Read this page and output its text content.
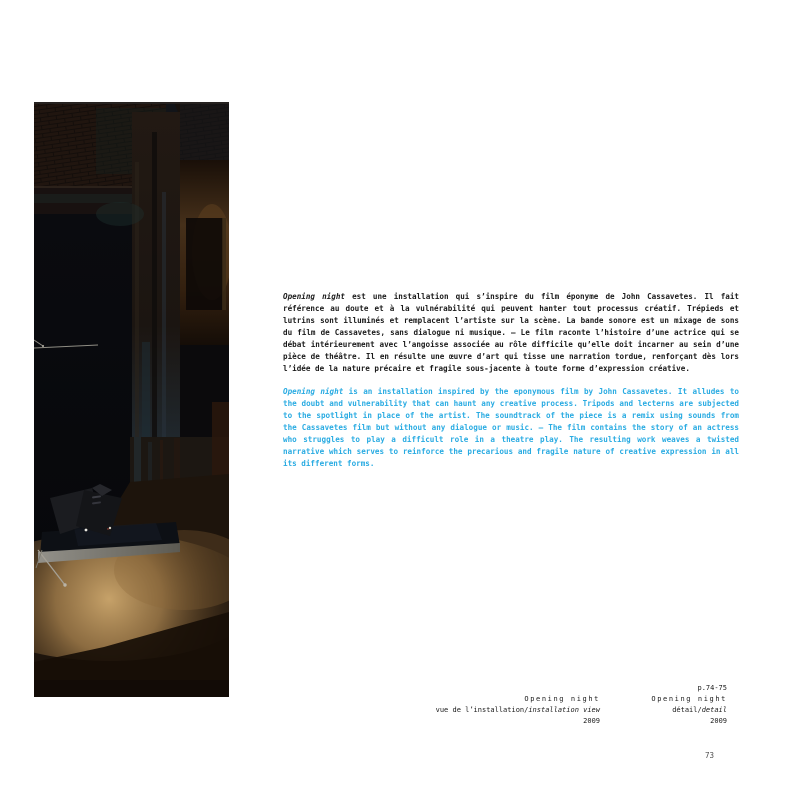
Opening night est une installation qui s’inspire du film éponyme de John Cassavetes. Il fait référence au doute et à la vulnérabilité qui peuvent hanter tout processus créatif. Trépieds et lutrins sont illuminés et remplacent l’artiste sur la scène. La bande sonore est un mixage de sons du film de Cassavetes, sans dialogue ni musique. — Le film raconte l’histoire d’une actrice qui se débat intérieurement avec l’angoisse associée au rôle difficile qu’elle doit incarner au sein d’une pièce de théâtre. Il en résulte une œuvre d’art qui tisse une narration tordue, renforçant dès lors l’idée de la nature précaire et fragile sous-jacente à toute forme d’expression créative.

Opening night is an installation inspired by the eponymous film by John Cassavetes. It alludes to the doubt and vulnerability that can haunt any creative process. Tripods and lecterns are subjected to the spotlight in place of the artist. The soundtrack of the piece is a remix using sounds from the Cassavetes film but without any dialogue or music. — The film contains the story of an actress who struggles to play a difficult role in a theatre play. The resulting work weaves a twisted narrative which serves to reinforce the precarious and fragile nature of creative expression in all its different forms.

Opening night
vue de l’installation/installation view
2009
p.74-75
Opening night
détail/detail
2009
73
